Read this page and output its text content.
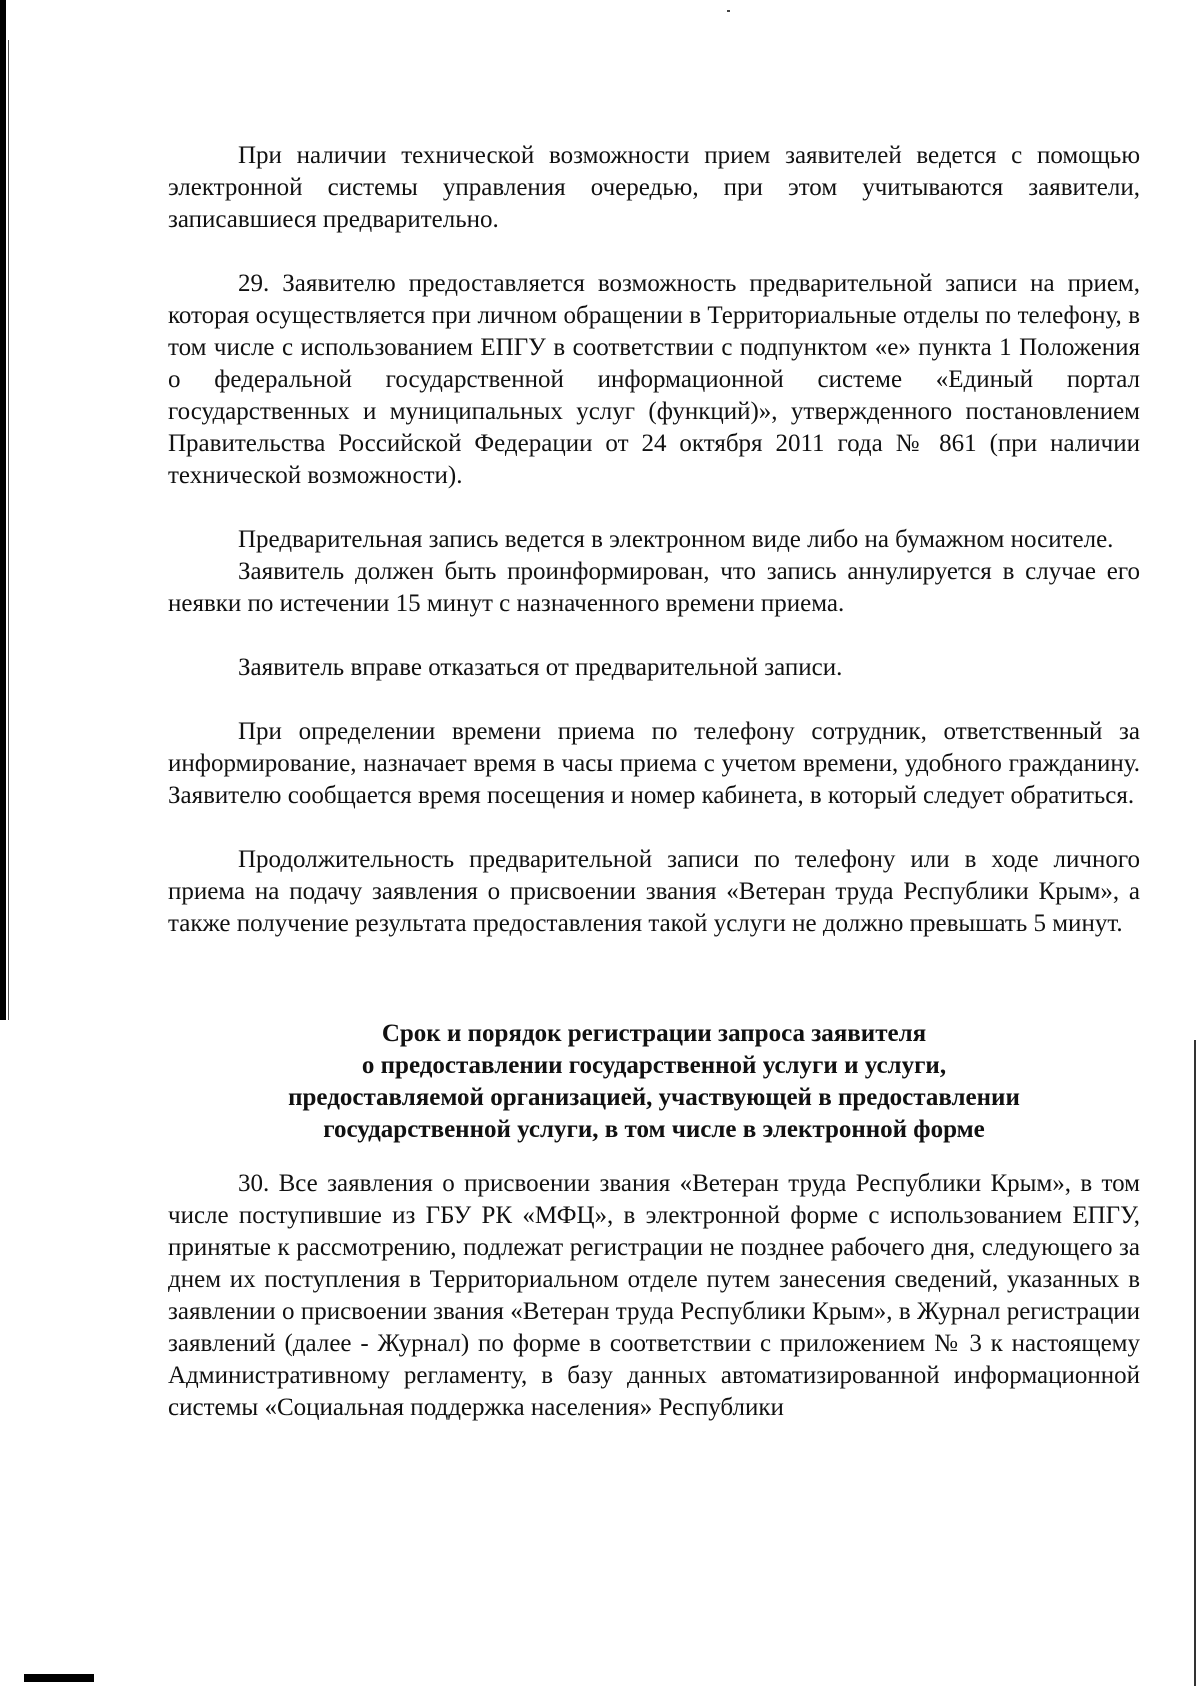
При наличии технической возможности прием заявителей ведется с помощью электронной системы управления очередью, при этом учитываются заявители, записавшиеся предварительно.

29. Заявителю предоставляется возможность предварительной записи на прием, которая осуществляется при личном обращении в Территориальные отделы по телефону, в том числе с использованием ЕПГУ в соответствии с подпунктом «е» пункта 1 Положения о федеральной государственной информационной системе «Единый портал государственных и муниципальных услуг (функций)», утвержденного постановлением Правительства Российской Федерации от 24 октября 2011 года № 861 (при наличии технической возможности).

Предварительная запись ведется в электронном виде либо на бумажном носителе.

Заявитель должен быть проинформирован, что запись аннулируется в случае его неявки по истечении 15 минут с назначенного времени приема.

Заявитель вправе отказаться от предварительной записи.

При определении времени приема по телефону сотрудник, ответственный за информирование, назначает время в часы приема с учетом времени, удобного гражданину. Заявителю сообщается время посещения и номер кабинета, в который следует обратиться.

Продолжительность предварительной записи по телефону или в ходе личного приема на подачу заявления о присвоении звания «Ветеран труда Республики Крым», а также получение результата предоставления такой услуги не должно превышать 5 минут.

Срок и порядок регистрации запроса заявителя
о предоставлении государственной услуги и услуги,
предоставляемой организацией, участвующей в предоставлении
государственной услуги, в том числе в электронной форме

30. Все заявления о присвоении звания «Ветеран труда Республики Крым», в том числе поступившие из ГБУ РК «МФЦ», в электронной форме с использованием ЕПГУ, принятые к рассмотрению, подлежат регистрации не позднее рабочего дня, следующего за днем их поступления в Территориальном отделе путем занесения сведений, указанных в заявлении о присвоении звания «Ветеран труда Республики Крым», в Журнал регистрации заявлений (далее - Журнал) по форме в соответствии с приложением № 3 к настоящему Административному регламенту, в базу данных автоматизированной информационной системы «Социальная поддержка населения» Республики
